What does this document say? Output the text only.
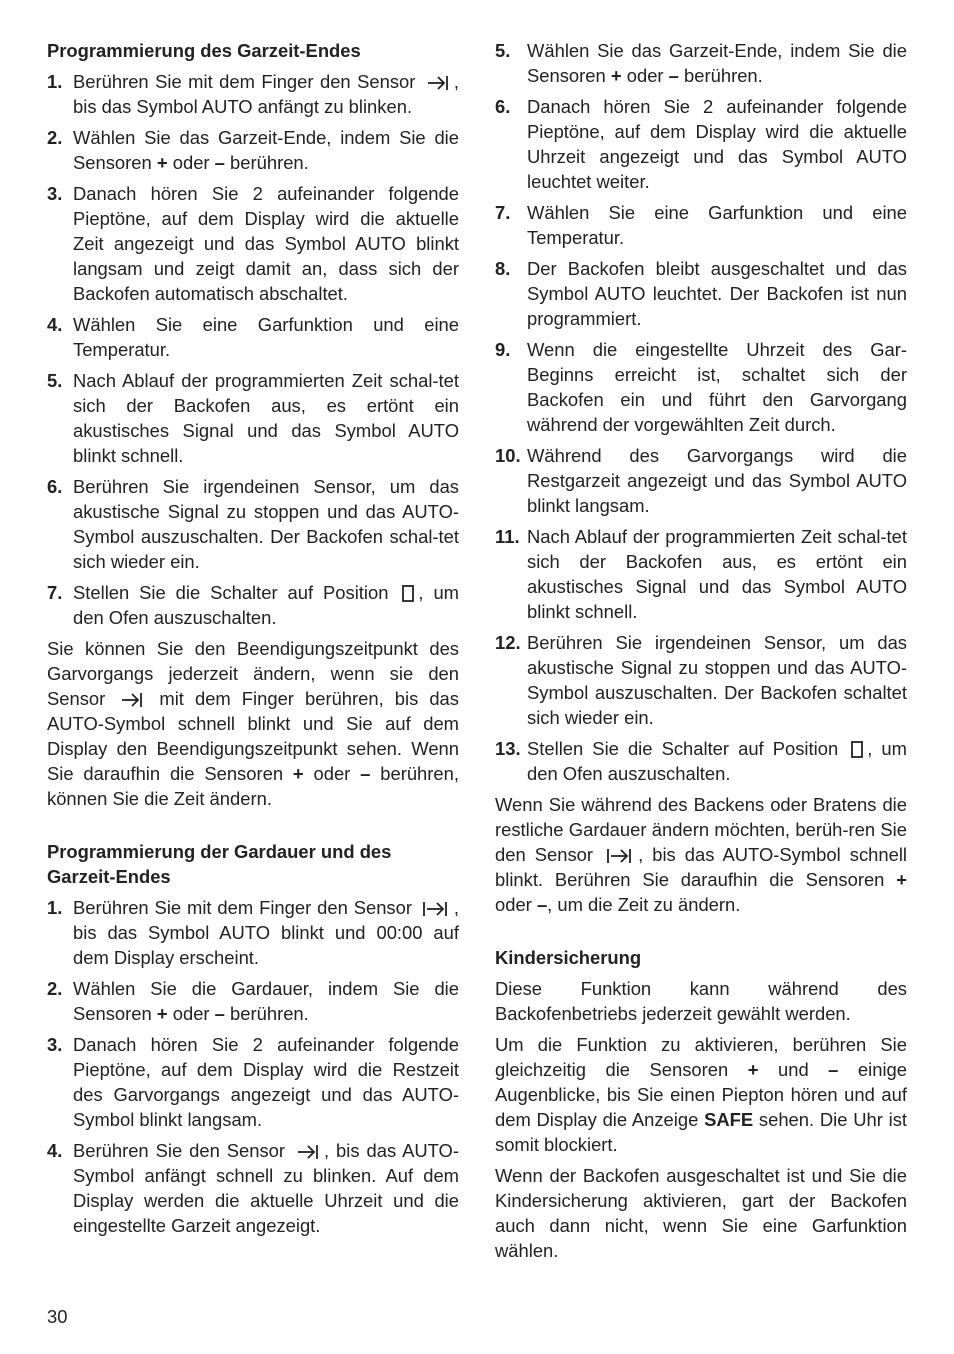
Programmierung des Garzeit-Endes
1. Berühren Sie mit dem Finger den Sensor , bis das Symbol AUTO anfängt zu blinken.
2. Wählen Sie das Garzeit-Ende, indem Sie die Sensoren + oder – berühren.
3. Danach hören Sie 2 aufeinander folgende Pieptöne, auf dem Display wird die aktuelle Zeit angezeigt und das Symbol AUTO blinkt langsam und zeigt damit an, dass sich der Backofen automatisch abschaltet.
4. Wählen Sie eine Garfunktion und eine Temperatur.
5. Nach Ablauf der programmierten Zeit schal-tet sich der Backofen aus, es ertönt ein akustisches Signal und das Symbol AUTO blinkt schnell.
6. Berühren Sie irgendeinen Sensor, um das akustische Signal zu stoppen und das AUTO-Symbol auszuschalten. Der Backofen schal-tet sich wieder ein.
7. Stellen Sie die Schalter auf Position , um den Ofen auszuschalten.

Sie können Sie den Beendigungszeitpunkt des Garvorgangs jederzeit ändern, wenn sie den Sensor	mit dem Finger berühren, bis das AUTO-Symbol schnell blinkt und Sie auf dem Display den Beendigungszeitpunkt sehen. Wenn Sie daraufhin die Sensoren + oder – berühren, können Sie die Zeit ändern.

Programmierung der Gardauer und des Garzeit-Endes
1. Berühren Sie mit dem Finger den Sensor , bis das Symbol AUTO blinkt und 00:00 auf dem Display erscheint.
2. Wählen Sie die Gardauer, indem Sie die Sensoren + oder – berühren.
3. Danach hören Sie 2 aufeinander folgende Pieptöne, auf dem Display wird die Restzeit des Garvorgangs angezeigt und das AUTO-Symbol blinkt langsam.
4. Berühren Sie den Sensor , bis das AUTO-Symbol anfängt schnell zu blinken. Auf dem Display werden die aktuelle Uhrzeit und die eingestellte Garzeit angezeigt.
5. Wählen Sie das Garzeit-Ende, indem Sie die Sensoren + oder – berühren.
6. Danach hören Sie 2 aufeinander folgende Pieptöne, auf dem Display wird die aktuelle Uhrzeit angezeigt und das Symbol AUTO leuchtet weiter.
7. Wählen Sie eine Garfunktion und eine Temperatur.
8. Der Backofen bleibt ausgeschaltet und das Symbol AUTO leuchtet. Der Backofen ist nun programmiert.
9. Wenn die eingestellte Uhrzeit des Gar-Beginns erreicht ist, schaltet sich der Backofen ein und führt den Garvorgang während der vorgewählten Zeit durch.
10. Während des Garvorgangs wird die Restgarzeit angezeigt und das Symbol AUTO blinkt langsam.
11. Nach Ablauf der programmierten Zeit schal-tet sich der Backofen aus, es ertönt ein akustisches Signal und das Symbol AUTO blinkt schnell.
12. Berühren Sie irgendeinen Sensor, um das akustische Signal zu stoppen und das AUTO-Symbol auszuschalten. Der Backofen schaltet sich wieder ein.
13. Stellen Sie die Schalter auf Position , um den Ofen auszuschalten.

Wenn Sie während des Backens oder Bratens die restliche Gardauer ändern möchten, berüh-ren Sie den Sensor , bis das AUTO-Symbol schnell blinkt. Berühren Sie daraufhin die Sensoren + oder –, um die Zeit zu ändern.

Kindersicherung

Diese Funktion kann während des Backofenbetriebs jederzeit gewählt werden.

Um die Funktion zu aktivieren, berühren Sie gleichzeitig die Sensoren + und – einige Augenblicke, bis Sie einen Piepton hören und auf dem Display die Anzeige SAFE sehen. Die Uhr ist somit blockiert.

Wenn der Backofen ausgeschaltet ist und Sie die Kindersicherung aktivieren, gart der Backofen auch dann nicht, wenn Sie eine Garfunktion wählen.

30
